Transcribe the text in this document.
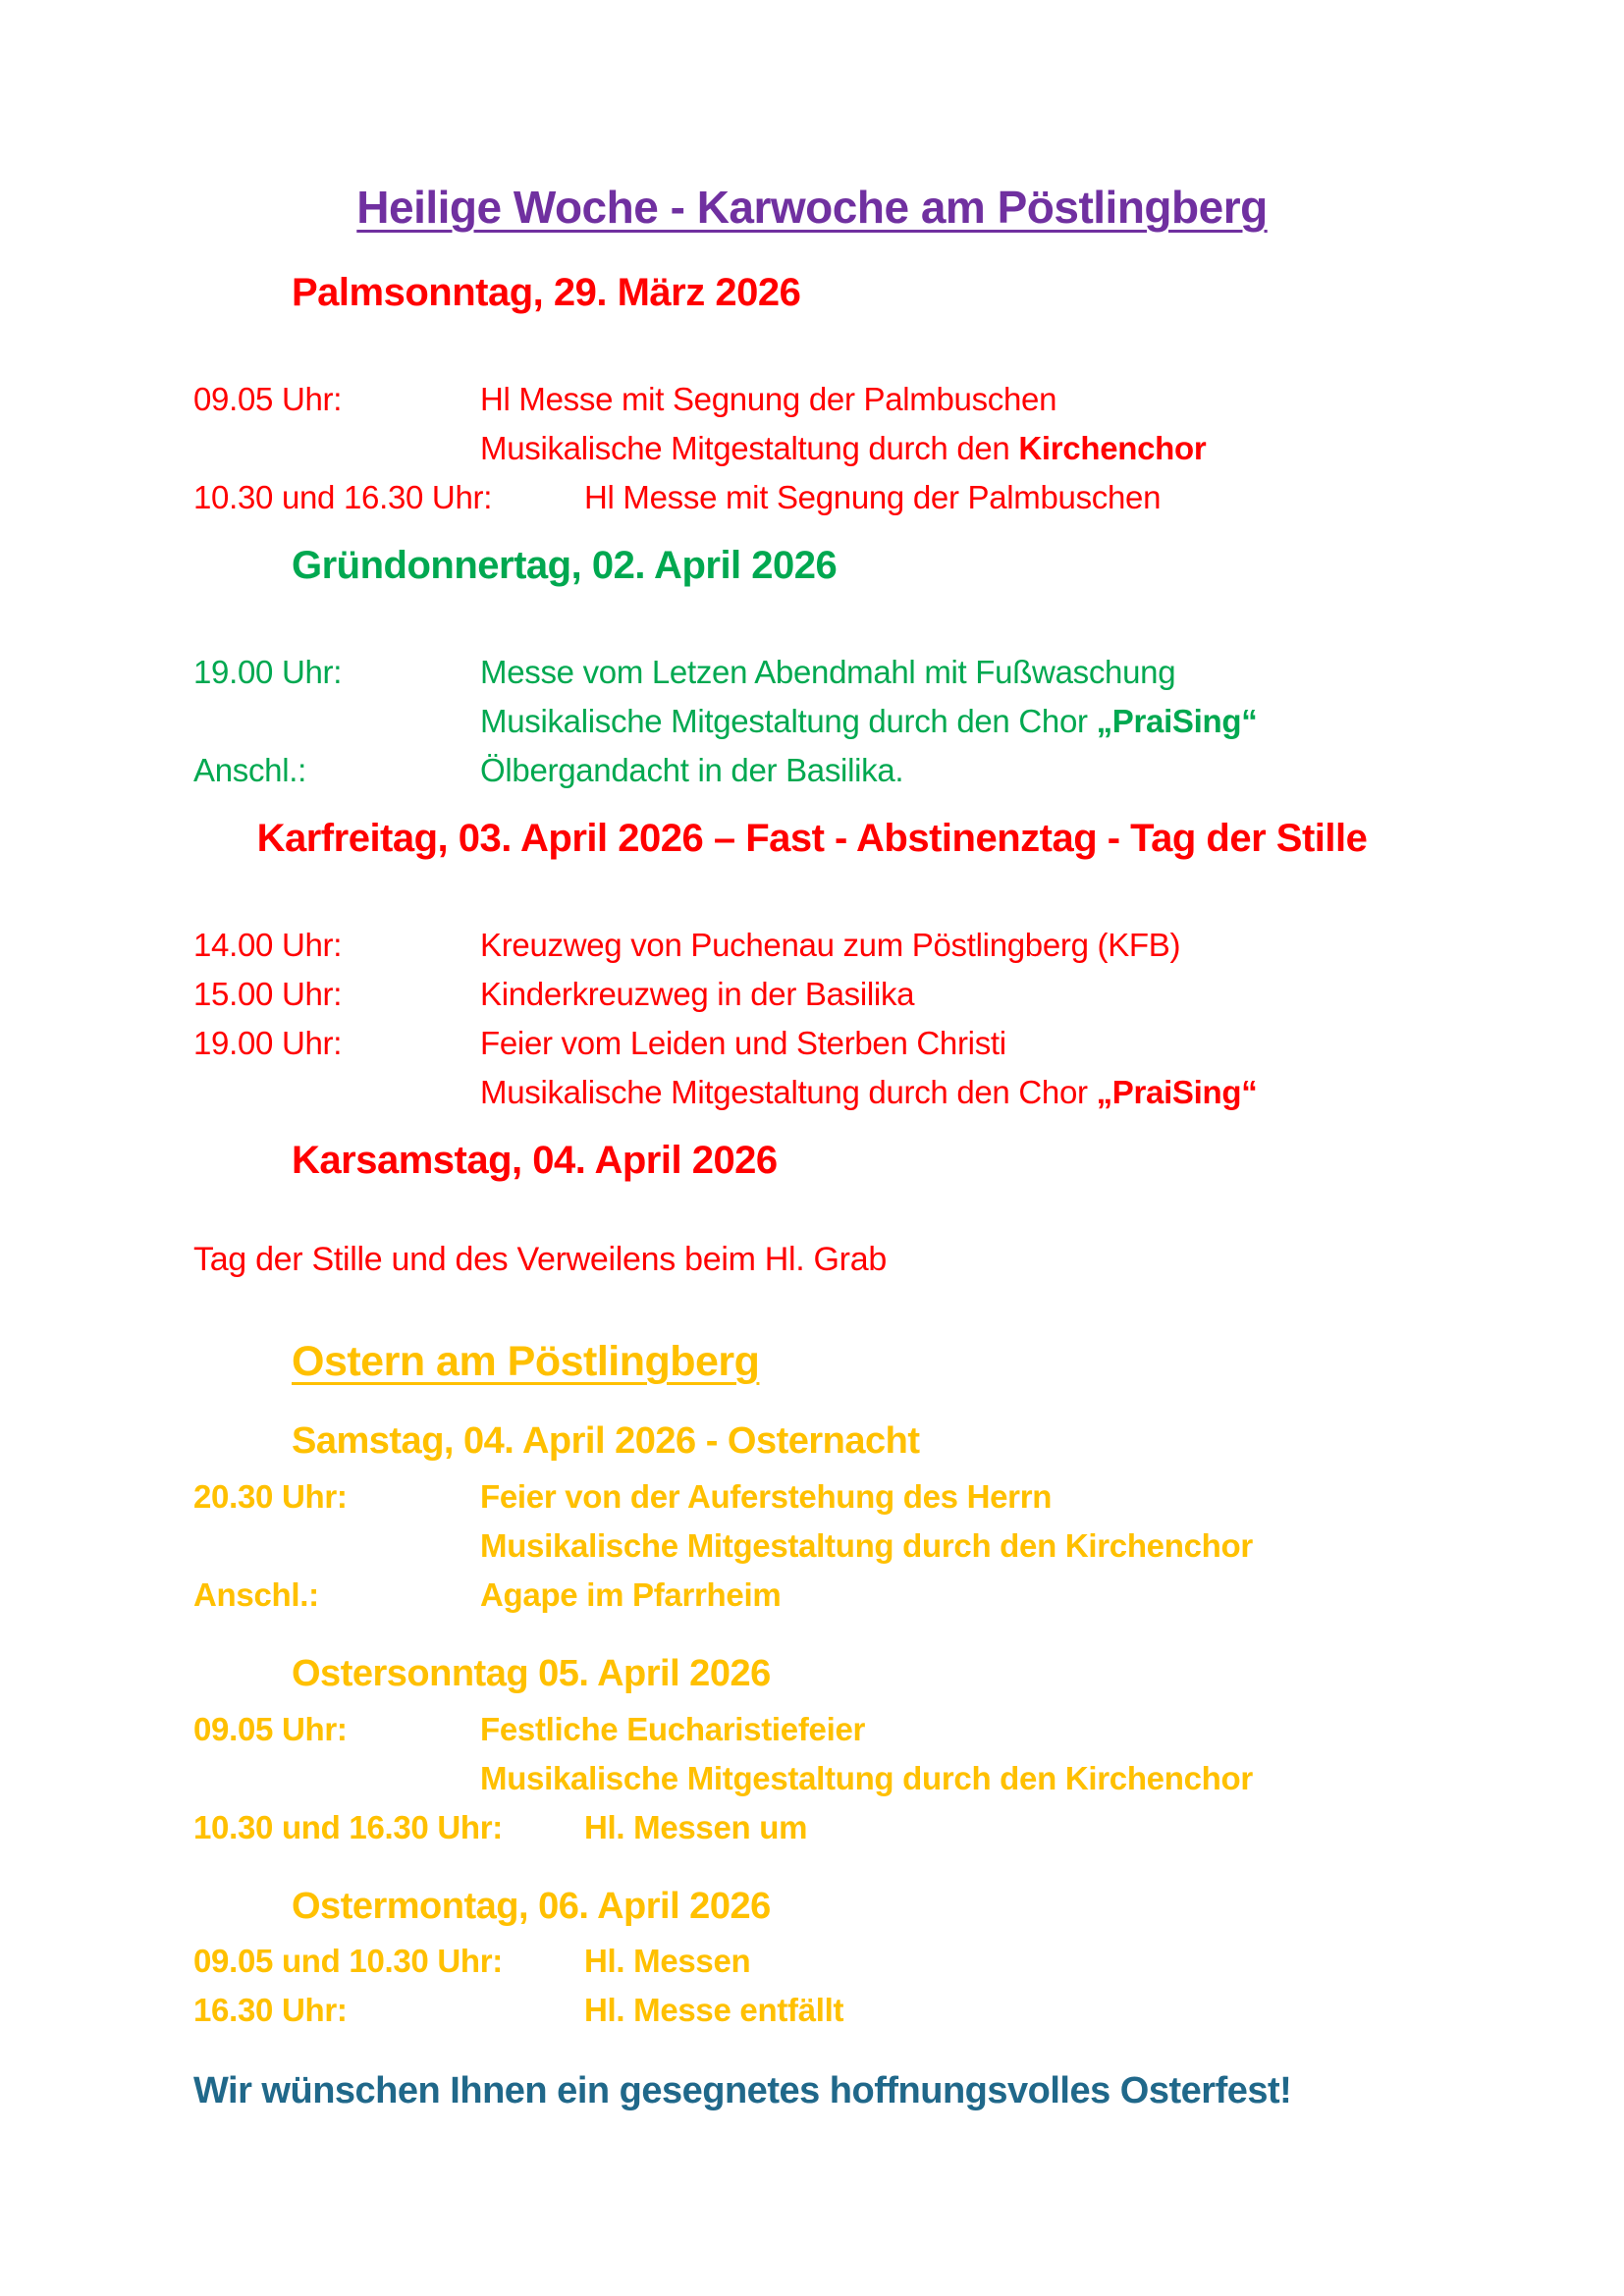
Heilige Woche - Karwoche am Pöstlingberg
Palmsonntag, 29. März 2026
09.05 Uhr:	Hl Messe mit Segnung der Palmbuschen
Musikalische Mitgestaltung durch den Kirchenchor
10.30 und 16.30 Uhr:	Hl Messe mit Segnung der Palmbuschen
Gründonnertag, 02. April 2026
19.00 Uhr:	Messe vom Letzen Abendmahl mit Fußwaschung
Musikalische Mitgestaltung durch den Chor „PraiSing“
Anschl.:	Ölbergandacht in der Basilika.
Karfreitag, 03. April 2026 – Fast - Abstinenztag - Tag der Stille
14.00 Uhr:	Kreuzweg von Puchenau zum Pöstlingberg (KFB)
15.00 Uhr:	Kinderkreuzweg in der Basilika
19.00 Uhr:	Feier vom Leiden und Sterben Christi
Musikalische Mitgestaltung durch den Chor „PraiSing“
Karsamstag, 04. April 2026
Tag der Stille und des Verweilens beim Hl. Grab
Ostern am Pöstlingberg
Samstag, 04. April 2026 - Osternacht
20.30 Uhr:	Feier von der Auferstehung des Herrn
Musikalische Mitgestaltung durch den Kirchenchor
Anschl.:	Agape im Pfarrheim
Ostersonntag 05. April 2026
09.05 Uhr:	Festliche Eucharistiefeier
Musikalische Mitgestaltung durch den Kirchenchor
10.30 und 16.30 Uhr:	Hl. Messen um
Ostermontag, 06. April 2026
09.05 und 10.30 Uhr:	Hl. Messen
16.30 Uhr:	Hl. Messe entfällt
Wir wünschen Ihnen ein gesegnetes hoffnungsvolles Osterfest!
